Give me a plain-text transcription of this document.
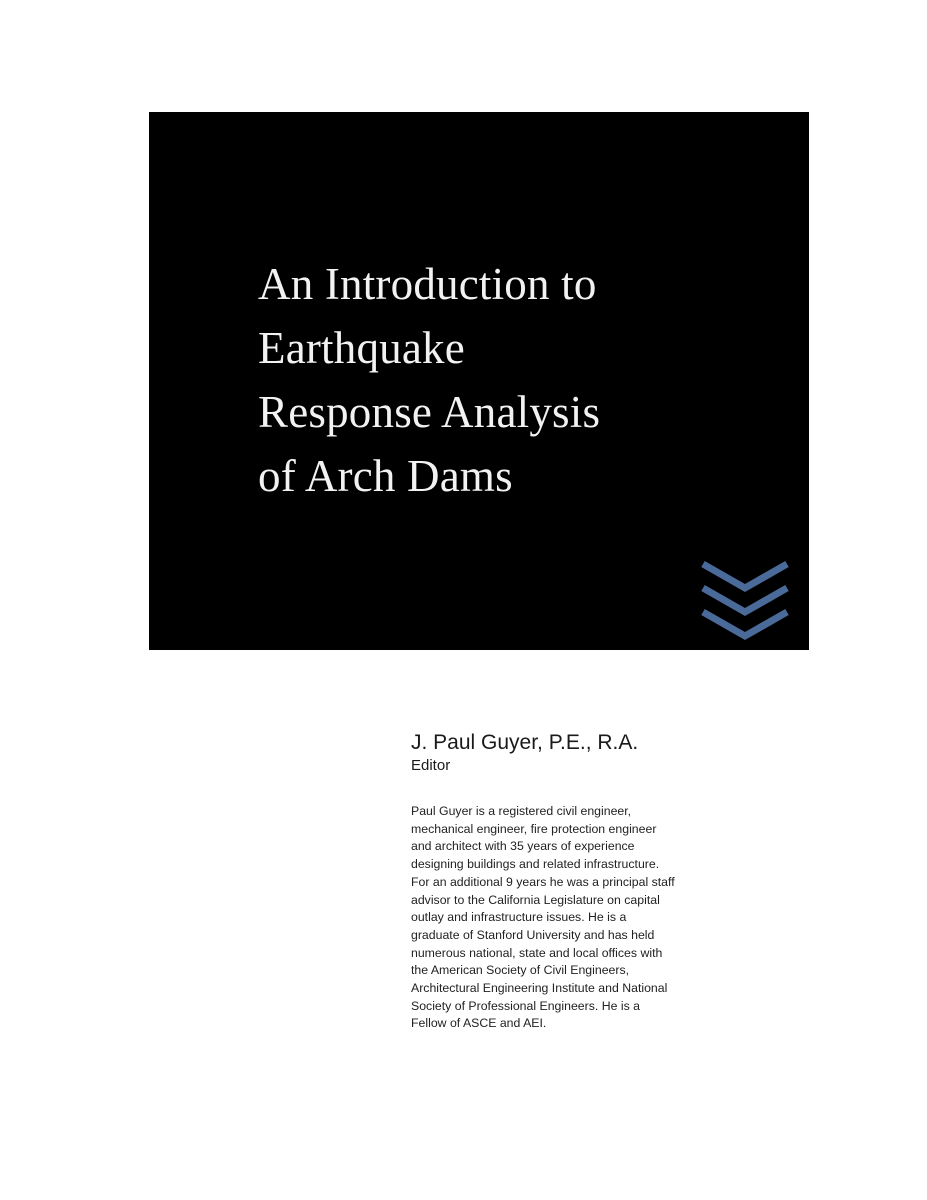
An Introduction to
Earthquake
Response Analysis
of Arch Dams

J. Paul Guyer, P.E., R.A.

Editor

Paul Guyer is a registered civil engineer,
mechanical engineer, fire protection engineer
and architect with 35 years of experience
designing buildings and related infrastructure.
For an additional 9 years he was a principal staff
advisor to the California Legislature on capital
outlay and infrastructure issues. He is a
graduate of Stanford University and has held
numerous national, state and local offices with
the American Society of Civil Engineers,
Architectural Engineering Institute and National
Society of Professional Engineers. He is a
Fellow of ASCE and AEI.
